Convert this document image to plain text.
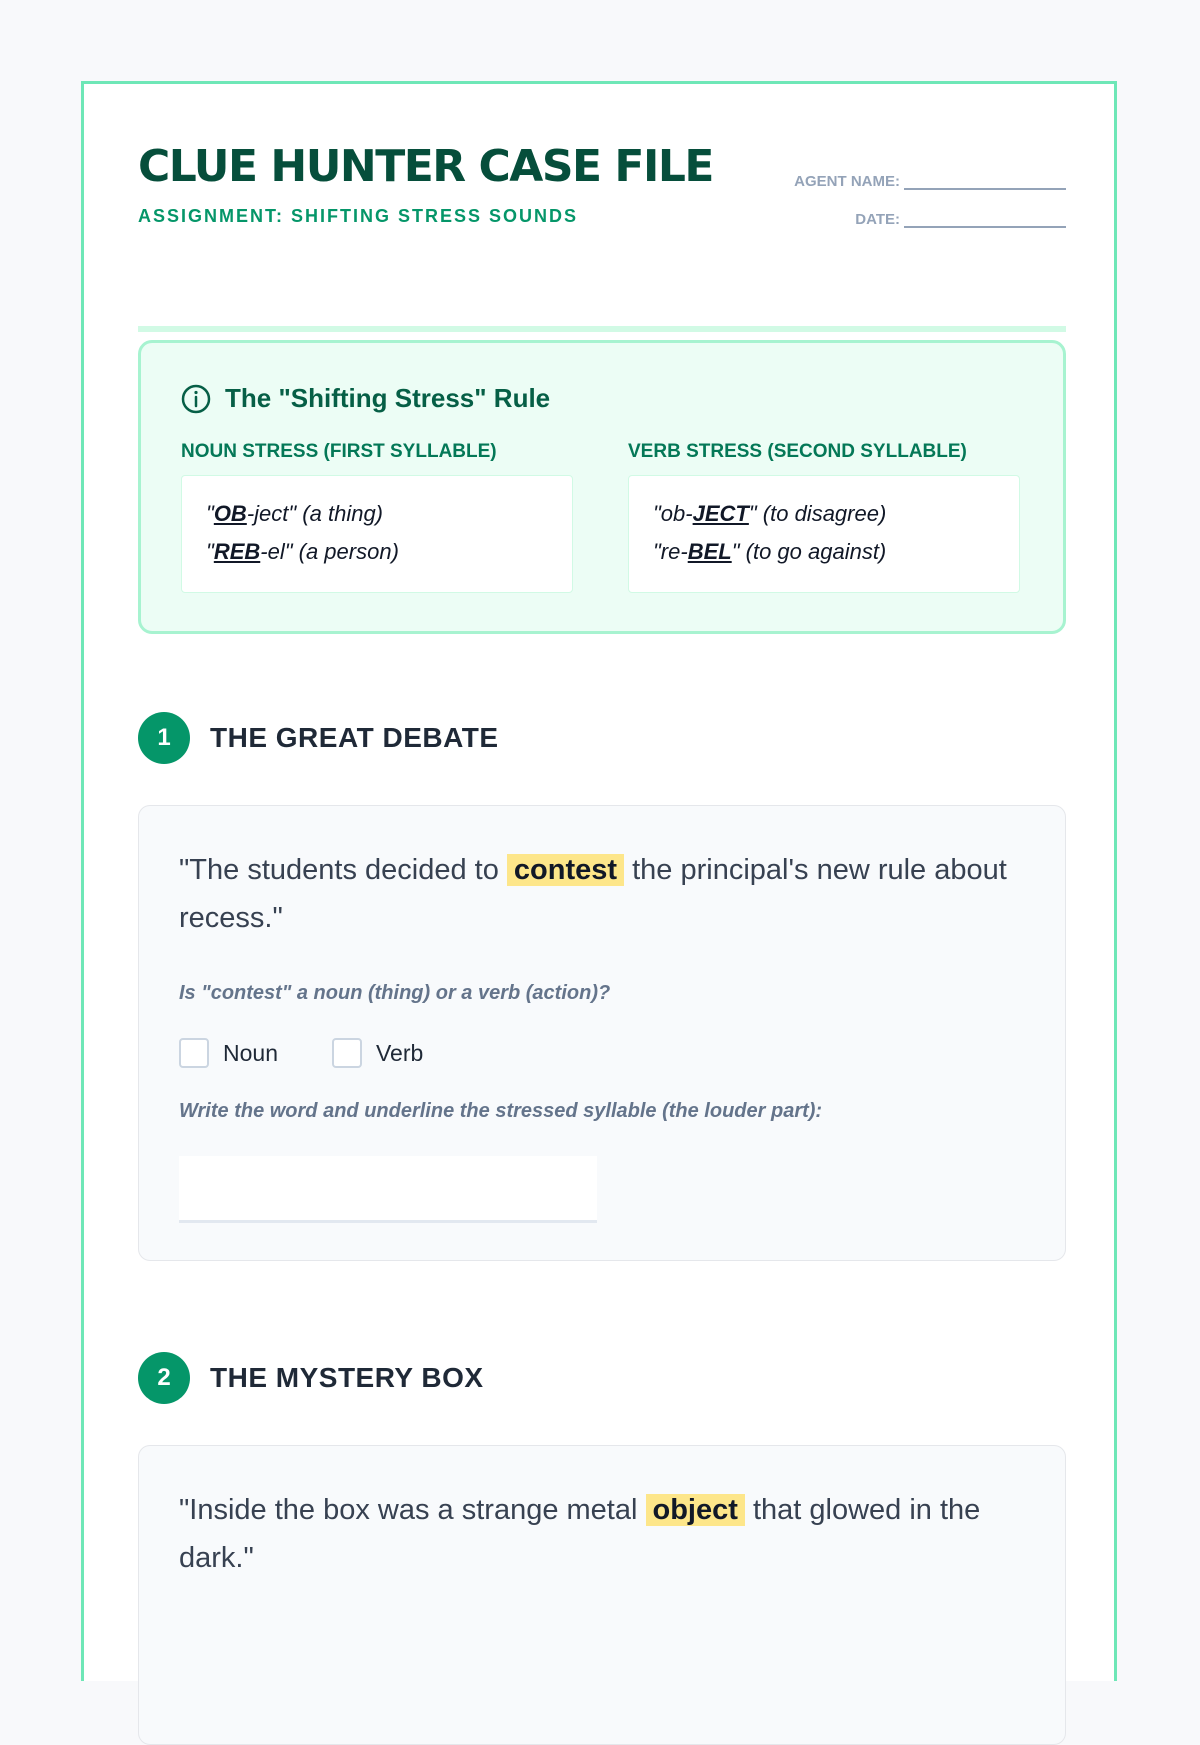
CLUE HUNTER CASE FILE
ASSIGNMENT: SHIFTING STRESS SOUNDS
AGENT NAME:
DATE:
The "Shifting Stress" Rule
NOUN STRESS (FIRST SYLLABLE)
"OB-ject" (a thing)
"REB-el" (a person)
VERB STRESS (SECOND SYLLABLE)
"ob-JECT" (to disagree)
"re-BEL" (to go against)
1	THE GREAT DEBATE
"The students decided to contest the principal's new rule about recess."
Is "contest" a noun (thing) or a verb (action)?
Noun	Verb
Write the word and underline the stressed syllable (the louder part):
2	THE MYSTERY BOX
"Inside the box was a strange metal object that glowed in the dark."
